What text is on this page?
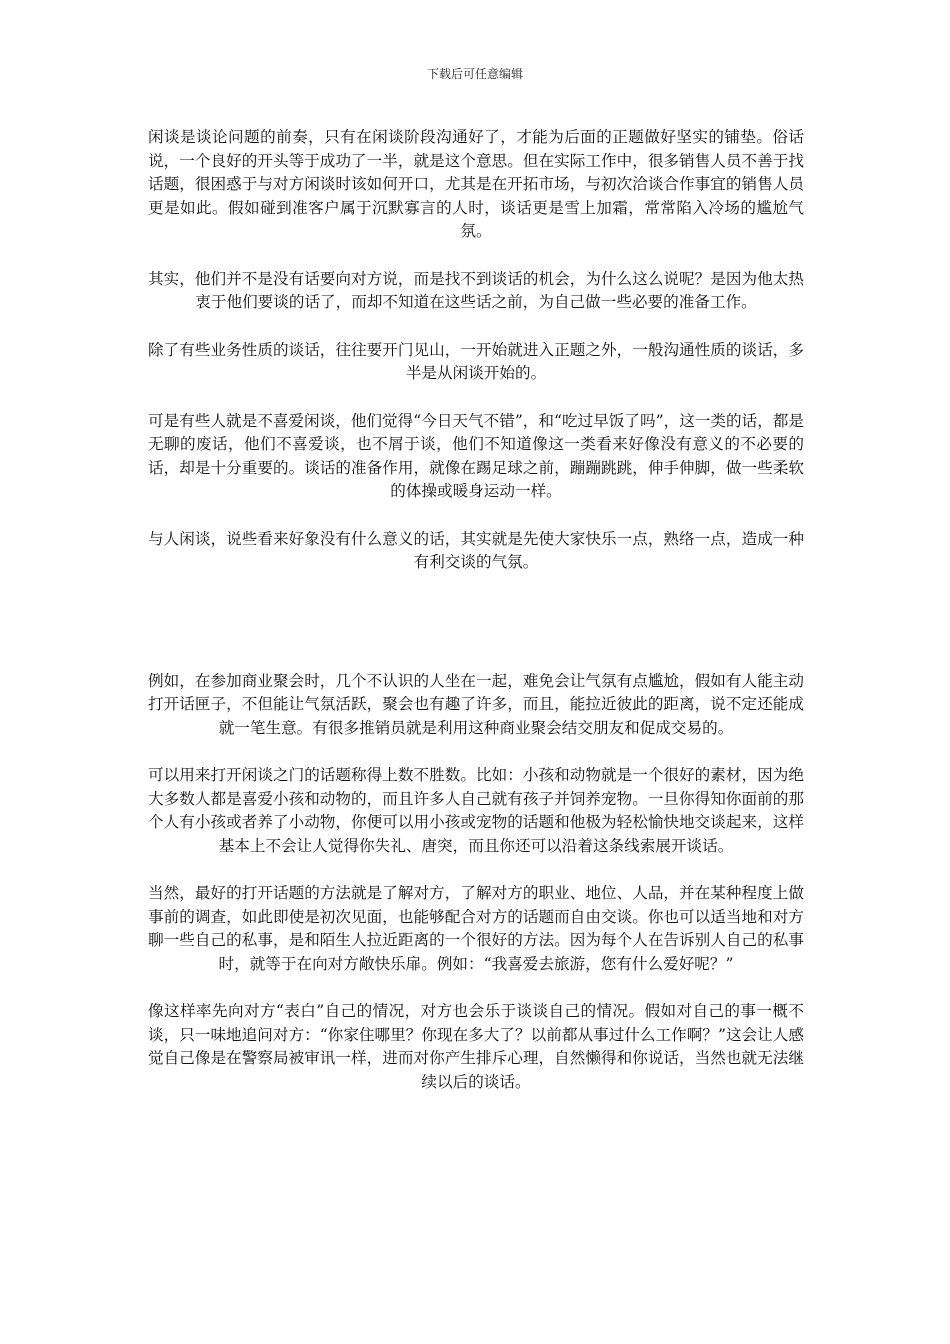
下载后可任意编辑

闲谈是谈论问题的前奏，只有在闲谈阶段沟通好了，才能为后面的正题做好坚实的铺垫。俗话说，一个良好的开头等于成功了一半，就是这个意思。但在实际工作中，很多销售人员不善于找话题，很困惑于与对方闲谈时该如何开口，尤其是在开拓市场，与初次洽谈合作事宜的销售人员更是如此。假如碰到准客户属于沉默寡言的人时，谈话更是雪上加霜，常常陷入冷场的尴尬气氛。

其实，他们并不是没有话要向对方说，而是找不到谈话的机会，为什么这么说呢？是因为他太热衷于他们要谈的话了，而却不知道在这些话之前，为自己做一些必要的准备工作。

除了有些业务性质的谈话，往往要开门见山，一开始就进入正题之外，一般沟通性质的谈话，多半是从闲谈开始的。

可是有些人就是不喜爱闲谈，他们觉得“今日天气不错”，和“吃过早饭了吗”，这一类的话，都是无聊的废话，他们不喜爱谈，也不屑于谈，他们不知道像这一类看来好像没有意义的不必要的话，却是十分重要的。谈话的准备作用，就像在踢足球之前，蹦蹦跳跳，伸手伸脚，做一些柔软的体操或暖身运动一样。

与人闲谈，说些看来好象没有什么意义的话，其实就是先使大家快乐一点，熟络一点，造成一种有利交谈的气氛。

例如，在参加商业聚会时，几个不认识的人坐在一起，难免会让气氛有点尴尬，假如有人能主动打开话匣子，不但能让气氛活跃，聚会也有趣了许多，而且，能拉近彼此的距离，说不定还能成就一笔生意。有很多推销员就是利用这种商业聚会结交朋友和促成交易的。

可以用来打开闲谈之门的话题称得上数不胜数。比如：小孩和动物就是一个很好的素材，因为绝大多数人都是喜爱小孩和动物的，而且许多人自己就有孩子并饲养宠物。一旦你得知你面前的那个人有小孩或者养了小动物，你便可以用小孩或宠物的话题和他极为轻松愉快地交谈起来，这样基本上不会让人觉得你失礼、唐突，而且你还可以沿着这条线索展开谈话。

当然，最好的打开话题的方法就是了解对方，了解对方的职业、地位、人品，并在某种程度上做事前的调查，如此即使是初次见面，也能够配合对方的话题而自由交谈。你也可以适当地和对方聊一些自己的私事，是和陌生人拉近距离的一个很好的方法。因为每个人在告诉别人自己的私事时，就等于在向对方敞快乐扉。例如：“我喜爱去旅游，您有什么爱好呢？”

像这样率先向对方“表白”自己的情况，对方也会乐于谈谈自己的情况。假如对自己的事一概不谈，只一味地追问对方：“你家住哪里？你现在多大了？以前都从事过什么工作啊？”这会让人感觉自己像是在警察局被审讯一样，进而对你产生排斥心理，自然懒得和你说话，当然也就无法继续以后的谈话。
